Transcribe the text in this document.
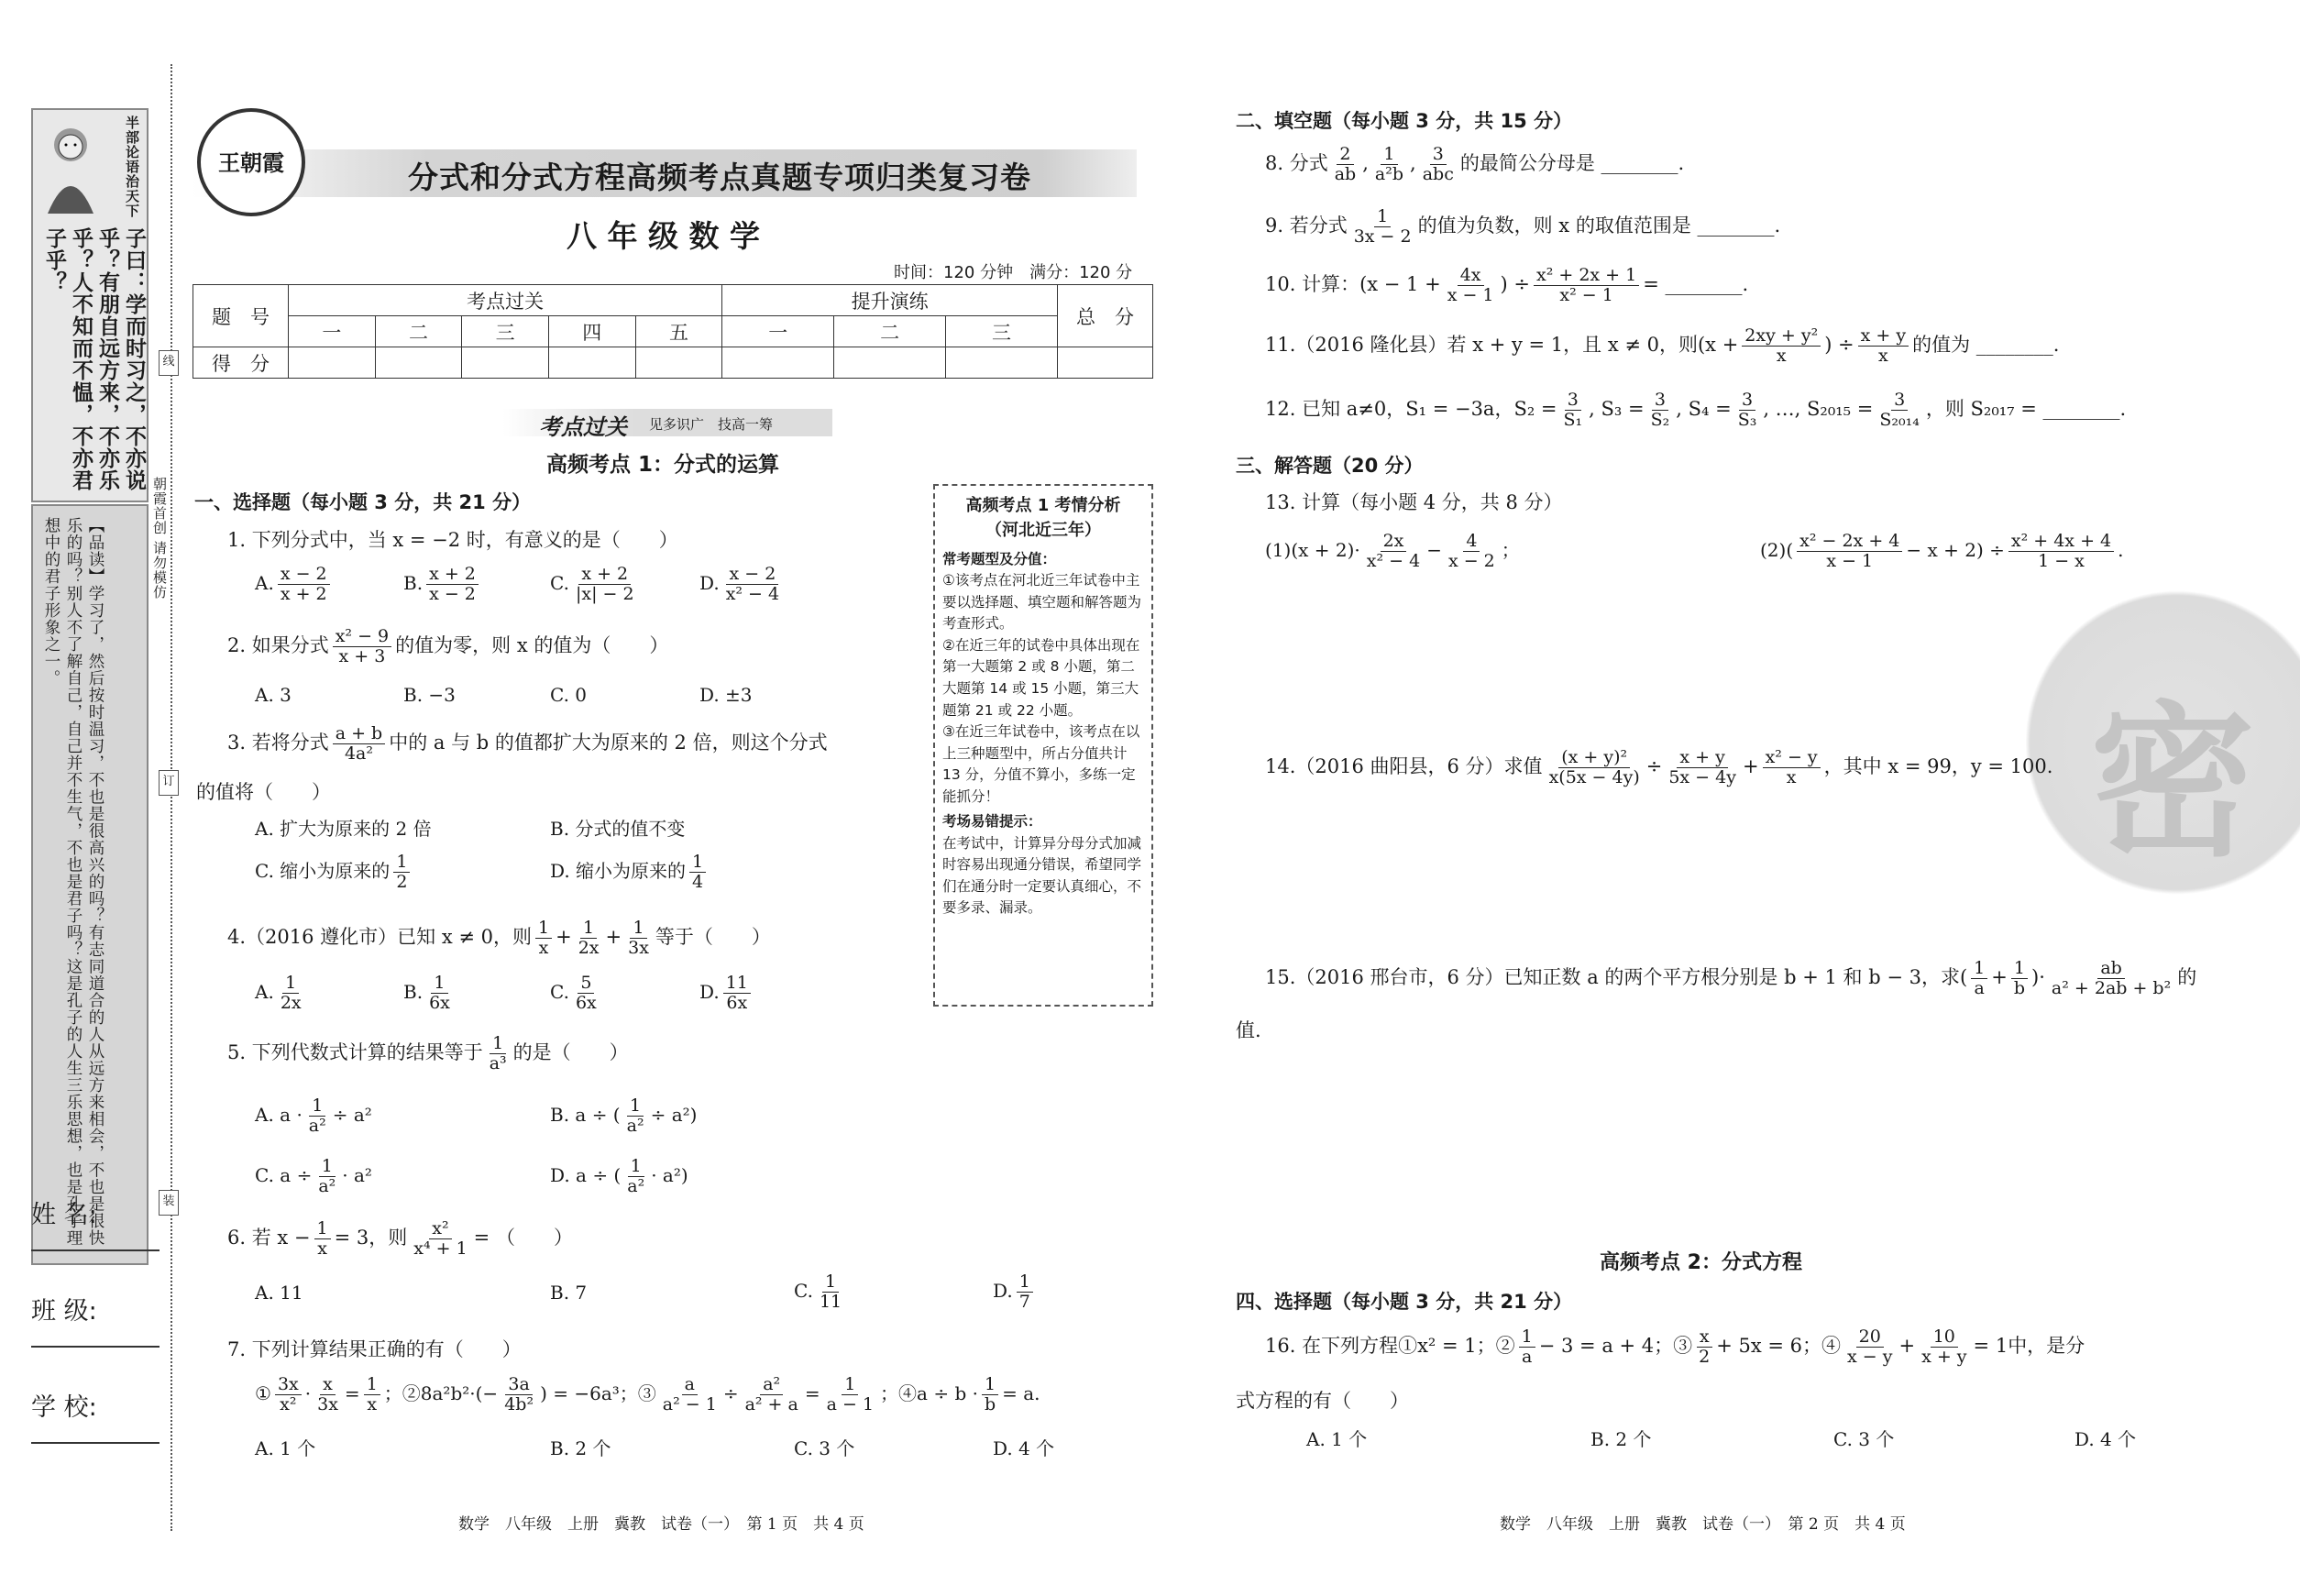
半部论语治天下
子曰：学而时习之，不亦说乎？有朋自远方来，不亦乐乎？人不知而不愠，不亦君子乎？
【品读】学习了，然后按时温习，不也是很高兴的吗？有志同道合的人从远方来相会，不也是很快乐的吗？别人不了解自己，自己并不生气，不也是君子吗？这是孔子的人生三乐思想，也是孔子理想中的君子形象之一。
姓 名:
班 级:
学 校:
线
订
装
朝霞首创 请勿模仿
王朝霞	分式和分式方程高频考点真题专项归类复习卷
八 年 级 数 学
时间：120 分钟　满分：120 分
题　号	考点过关					提升演练			总　分
	一	二	三	四	五	一	二	三	
得　分									
考点过关 见多识广　技高一筹
高频考点 1：分式的运算
高频考点 1 考情分析
（河北近三年）
常考题型及分值：
①该考点在河北近三年试卷中主要以选择题、填空题和解答题为考查形式。
②在近三年的试卷中具体出现在第一大题第 2 或 8 小题，第二大题第 14 或 15 小题，第三大题第 21 或 22 小题。
③在近三年试卷中，该考点在以上三种题型中，所占分值共计 13 分，分值不算小，多练一定能抓分！
考场易错提示：
在考试中，计算异分母分式加减时容易出现通分错误，希望同学们在通分时一定要认真细心，不要多录、漏录。
一、选择题（每小题 3 分，共 21 分）
1. 下列分式中，当 x = −2 时，有意义的是（　　）
A. $\frac{x - 2}{x + 2}$	B. $\frac{x + 2}{x - 2}$	C. $\frac{x + 2}{|x| - 2}$	D. $\frac{x - 2}{\text{x² − 4}}$
2. 如果分式 $\frac{\text{x² − 9}}{x + 3}$ 的值为零，则 x 的值为（　　）
A. 3	B. −3	C. 0	D. ±3
3. 若将分式 $\frac{a + b}{\text{4a²}}$ 中的 a 与 b 的值都扩大为原来的 2 倍，则这个分式
的值将（　　）
A. 扩大为原来的 2 倍	B. 分式的值不变
C. 缩小为原来的 $\frac{1}{2}$	D. 缩小为原来的 $\frac{1}{4}$
4.（2016 遵化市）已知 x ≠ 0，则 $\frac{1}{x} + \frac{1}{2x} + \frac{1}{3x}$ 等于（　　）
A. $\frac{1}{2x}$	B. $\frac{1}{6x}$	C. $\frac{5}{6x}$	D. $\frac{11}{6x}$
5. 下列代数式计算的结果等于 $\frac{1}{\text{a³}}$ 的是（　　）
A. $a \cdot \frac{1}{\text{a²}} \div a^2$	B. a ÷ ( $\frac{1}{\text{a²}} \div a^2$)
C. $a \div \frac{1}{\text{a²}} \cdot a^2$	D. a ÷ ( $\frac{1}{\text{a²}} \cdot a^2$)
6. 若 $x - \frac{1}{x} = 3$，则 $\frac{\text{x²}}{\text{x⁴ + 1}}$ = （　　）
A. 11	B. 7	C. $\frac{1}{11}$	D. $\frac{1}{7}$
7. 下列计算结果正确的有（　　）
① $\frac{3x}{\text{x²}} \cdot \frac{x}{3x} = \frac{1}{x}$ ；②8a²b²·(− $\frac{3a}{\text{4b²}}$ ) = −6a³；③ $\frac{a}{\text{a² − 1}} \div \frac{\text{a²}}{\text{a² + a}} = \frac{1}{a - 1}$ ；④a ÷ $b \cdot \frac{1}{b} = a$.
A. 1 个	B. 2 个	C. 3 个	D. 4 个
数学　八年级　上册　冀教　试卷（一）　第 1 页　共 4 页
密
二、填空题（每小题 3 分，共 15 分）
8. 分式 $\frac{2}{ab}$ , $\frac{1}{\text{a²b}}$ , $\frac{3}{\text{abc}}$ 的最简公分母是 ________.
9. 若分式 $\frac{1}{3x - 2}$ 的值为负数，则 x 的取值范围是 ________.
10. 计算：($x - 1 + \frac{4x}{x - 1}$ ) ÷ $\frac{\text{x² + 2x + 1}}{\text{x² − 1}}$ = ________.
11.（2016 隆化县）若 x + y = 1，且 x ≠ 0，则($x + \frac{\text{2xy + y²}}{x}$ ) ÷ $\frac{x + y}{x}$ 的值为 ________.
12. 已知 a≠0，S₁ = −3a，$S_2 = \frac{3}{\text{S₁}}$ , $S_3 = \frac{3}{\text{S₂}}$ , $S_4 = \frac{3}{\text{S₃}}$ , …, $S_{2015} = \frac{3}{\text{S₂₀₁₄}}$ ，则 S₂₀₁₇ = ________.
三、解答题（20 分）
13. 计算（每小题 4 分，共 8 分）
$(1)(x + 2)\cdot \frac{2x}{\text{x² − 4}} - \frac{4}{x - 2}$ ；	$(2)( \frac{\text{x² − 2x + 4}}{x - 1} - x + 2) \div \frac{\text{x² + 4x + 4}}{1 - x}$ .
14.（2016 曲阳县，6 分）求值 $\frac{\text{(x + y)²}}{x(5x - 4y)} \div \frac{x + y}{5x - 4y} + \frac{\text{x² − y}}{x}$ ，其中 x = 99，y = 100.
15.（2016 邢台市，6 分）已知正数 a 的两个平方根分别是 b + 1 和 b − 3，求( $\frac{1}{a} + \frac{1}{b}$ )· $\frac{ab}{\text{a² + 2ab + b²}}$ 的
值.
高频考点 2：分式方程
四、选择题（每小题 3 分，共 21 分）
16. 在下列方程①x² = 1；② $\frac{1}{a} - 3 = a + 4$；③ $\frac{x}{2} + 5x = 6$；④ $\frac{20}{x - y} + \frac{10}{x + y} = 1$中，是分
式方程的有（　　）
A. 1 个	B. 2 个	C. 3 个	D. 4 个
数学　八年级　上册　冀教　试卷（一）　第 2 页　共 4 页
